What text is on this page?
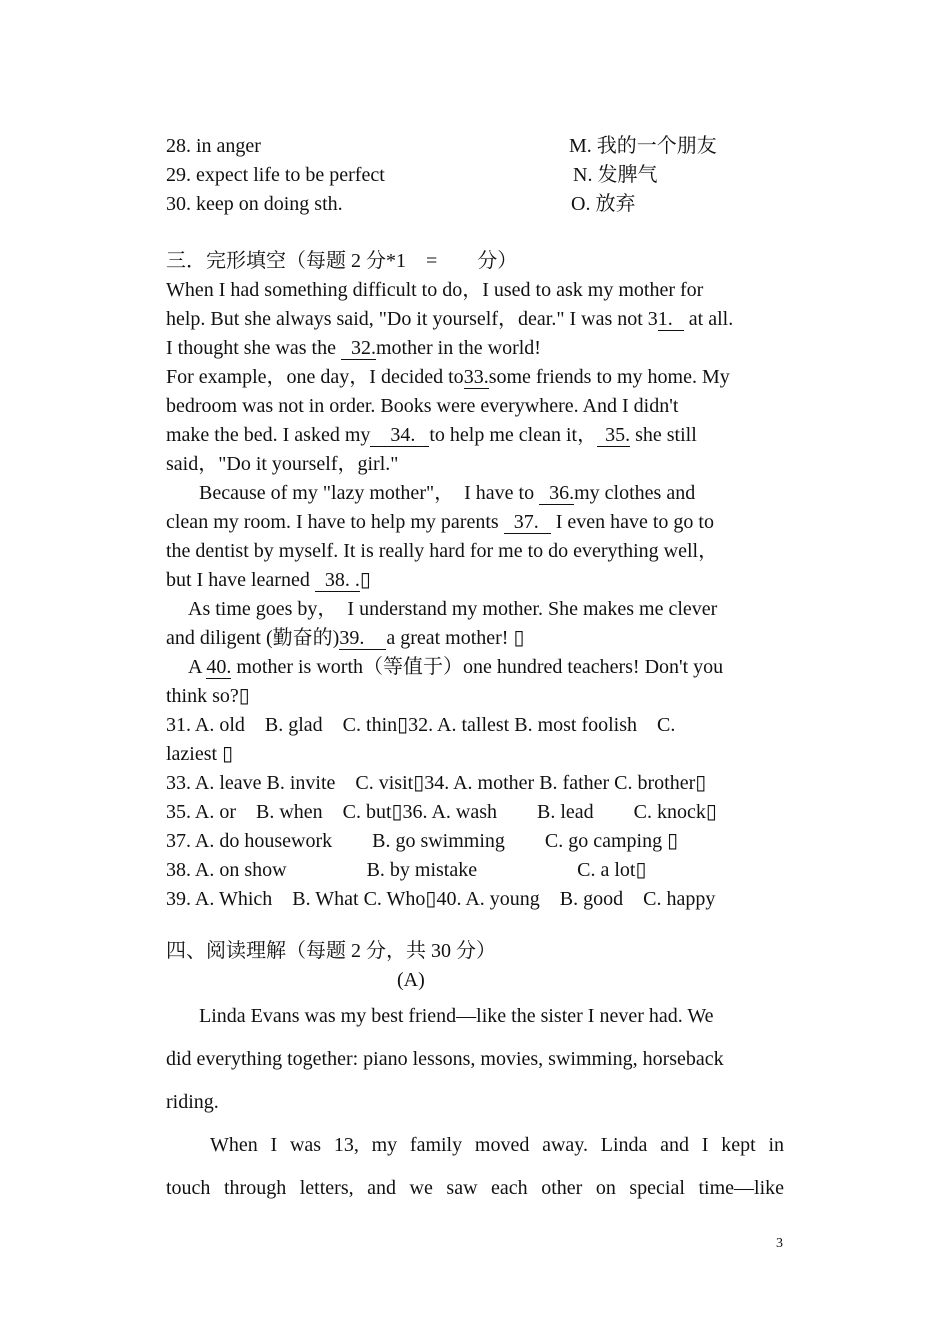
28. in anger	M. 我的一个朋友
29. expect life to be perfect	N. 发脾气
30. keep on doing sth.	O. 放弃
三．完形填空（每题 2 分*1　=　　分）
When I had something difficult to do，I used to ask my mother for
help. But she always said, "Do it yourself，dear." I was not 31. at all.
I thought she was the 32.mother in the world!
For example，one day，I decided to33.some friends to my home. My
bedroom was not in order. Books were everywhere. And I didn't
make the bed. I asked my 34. to help me clean it， 35. she still
said，"Do it yourself，girl."
Because of my "lazy mother"，　I have to 36.my clothes and
clean my room. I have to help my parents 37. I even have to go to
the dentist by myself. It is really hard for me to do everything well，
but I have learned 38. .▯
As time goes by，　I understand my mother. She makes me clever
and diligent (勤奋的)39. a great mother! ▯
A 40. mother is worth（等值于）one hundred teachers! Don't you
think so?▯
31. A. old　B. glad　C. thin▯32. A. tallest B. most foolish　C.
laziest ▯
33. A. leave B. invite　C. visit▯34. A. mother B. father C. brother▯
35. A. or　B. when　C. but▯36. A. wash　　B. lead　　C. knock▯
37. A. do housework　　B. go swimming　　C. go camping ▯
38. A. on show　　　　B. by mistake　　　　　C. a lot▯
39. A. Which　B. What C. Who▯40. A. young　B. good　C. happy
四、阅读理解（每题 2 分，共 30 分）
(A)
Linda Evans was my best friend—like the sister I never had. We
did everything together: piano lessons, movies, swimming, horseback
riding.
When I was 13, my family moved away. Linda and I kept in
touch through letters, and we saw each other on special time—like
3
